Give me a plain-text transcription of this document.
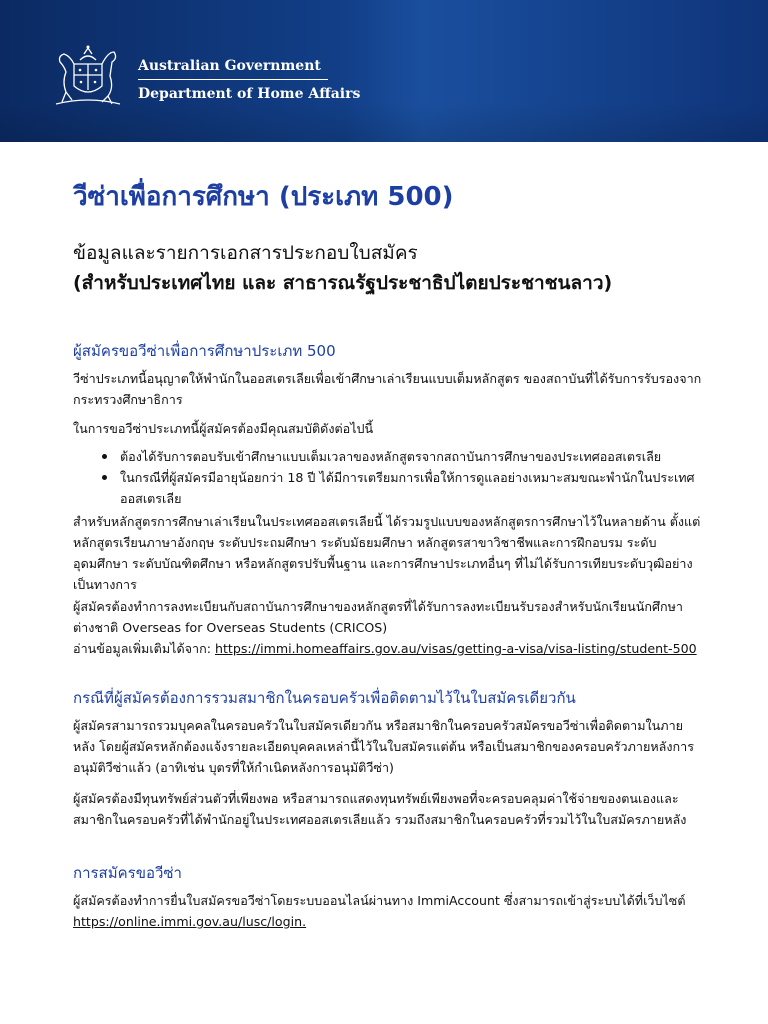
Australian Government
Department of Home Affairs
วีซ่าเพื่อการศึกษา (ประเภท 500)
ข้อมูลและรายการเอกสารประกอบใบสมัคร
(สำหรับประเทศไทย และ สาธารณรัฐประชาธิปไตยประชาชนลาว)
ผู้สมัครขอวีซ่าเพื่อการศึกษาประเภท 500

วีซ่าประเภทนี้อนุญาตให้พำนักในออสเตรเลียเพื่อเข้าศึกษาเล่าเรียนแบบเต็มหลักสูตร ของสถาบันที่ได้รับการรับรองจากกระทรวงศึกษาธิการ

ในการขอวีซ่าประเภทนี้ผู้สมัครต้องมีคุณสมบัติดังต่อไปนี้

ต้องได้รับการตอบรับเข้าศึกษาแบบเต็มเวลาของหลักสูตรจากสถาบันการศึกษาของประเทศออสเตรเลีย
ในกรณีที่ผู้สมัครมีอายุน้อยกว่า 18 ปี ได้มีการเตรียมการเพื่อให้การดูแลอย่างเหมาะสมขณะพำนักในประเทศออสเตรเลีย

สำหรับหลักสูตรการศึกษาเล่าเรียนในประเทศออสเตรเลียนี้ ได้รวมรูปแบบของหลักสูตรการศึกษาไว้ในหลายด้าน ตั้งแต่ หลักสูตรเรียนภาษาอังกฤษ ระดับประถมศึกษา ระดับมัธยมศึกษา หลักสูตรสาขาวิชาชีพและการฝึกอบรม ระดับอุดมศึกษา ระดับบัณฑิตศึกษา หรือหลักสูตรปรับพื้นฐาน และการศึกษาประเภทอื่นๆ ที่ไม่ได้รับการเทียบระดับวุฒิอย่างเป็นทางการ

ผู้สมัครต้องทำการลงทะเบียนกับสถาบันการศึกษาของหลักสูตรที่ได้รับการลงทะเบียนรับรองสำหรับนักเรียนนักศึกษาต่างชาติ Overseas for Overseas Students (CRICOS)

อ่านข้อมูลเพิ่มเติมได้จาก: https://immi.homeaffairs.gov.au/visas/getting-a-visa/visa-listing/student-500

กรณีที่ผู้สมัครต้องการรวมสมาชิกในครอบครัวเพื่อติดตามไว้ในใบสมัครเดียวกัน

ผู้สมัครสามารถรวมบุคคลในครอบครัวในใบสมัครเดียวกัน หรือสมาชิกในครอบครัวสมัครขอวีซ่าเพื่อติดตามในภายหลัง โดยผู้สมัครหลักต้องแจ้งรายละเอียดบุคคลเหล่านี้ไว้ในใบสมัครแต่ต้น หรือเป็นสมาชิกของครอบครัวภายหลังการอนุมัติวีซ่าแล้ว (อาทิเช่น บุตรที่ให้กำเนิดหลังการอนุมัติวีซ่า)

ผู้สมัครต้องมีทุนทรัพย์ส่วนตัวที่เพียงพอ หรือสามารถแสดงทุนทรัพย์เพียงพอที่จะครอบคลุมค่าใช้จ่ายของตนเองและสมาชิกในครอบครัวที่ได้พำนักอยู่ในประเทศออสเตรเลียแล้ว รวมถึงสมาชิกในครอบครัวที่รวมไว้ในใบสมัครภายหลัง

การสมัครขอวีซ่า

ผู้สมัครต้องทำการยื่นใบสมัครขอวีซ่าโดยระบบออนไลน์ผ่านทาง ImmiAccount ซึ่งสามารถเข้าสู่ระบบได้ที่เว็บไซต์ https://online.immi.gov.au/lusc/login.
